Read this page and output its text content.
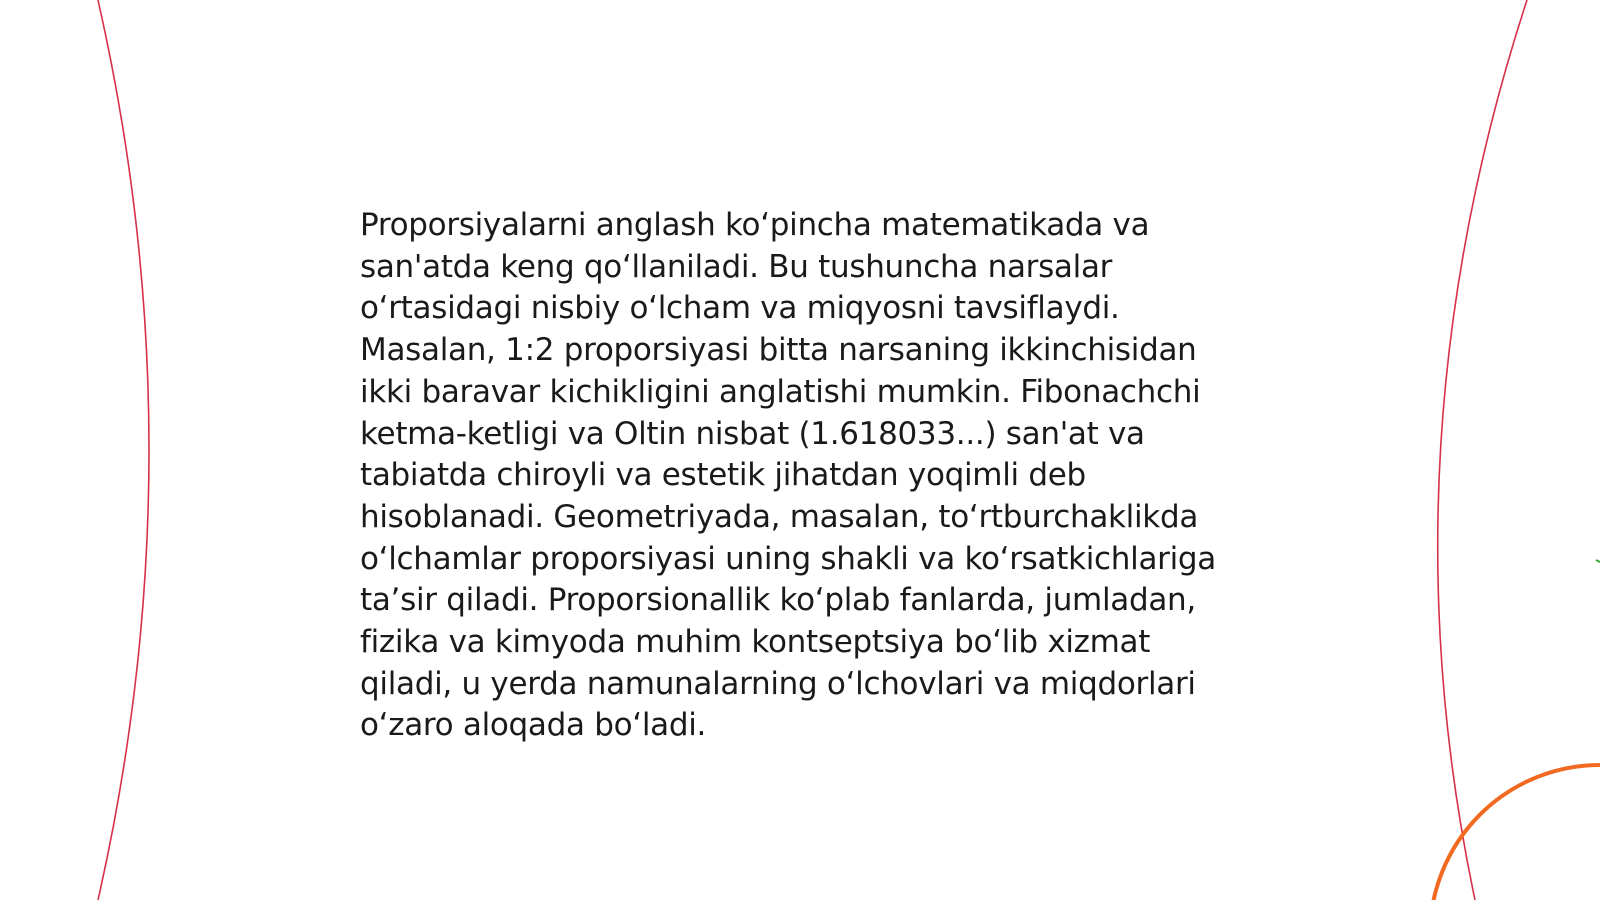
Proporsiyalarni anglash koʻpincha matematikada va san'atda keng qoʻllaniladi. Bu tushuncha narsalar oʻrtasidagi nisbiy oʻlcham va miqyosni tavsiflaydi. Masalan, 1:2 proporsiyasi bitta narsaning ikkinchisidan ikki baravar kichikligini anglatishi mumkin. Fibonachchi ketma-ketligi va Oltin nisbat (1.618033...) san'at va tabiatda chiroyli va estetik jihatdan yoqimli deb hisoblanadi. Geometriyada, masalan, toʻrtburchaklikda oʻlchamlar proporsiyasi uning shakli va koʻrsatkichlariga taʼsir qiladi. Proporsionallik koʻplab fanlarda, jumladan, fizika va kimyoda muhim kontseptsiya boʻlib xizmat qiladi, u yerda namunalarning oʻlchovlari va miqdorlari oʻzaro aloqada boʻladi.
